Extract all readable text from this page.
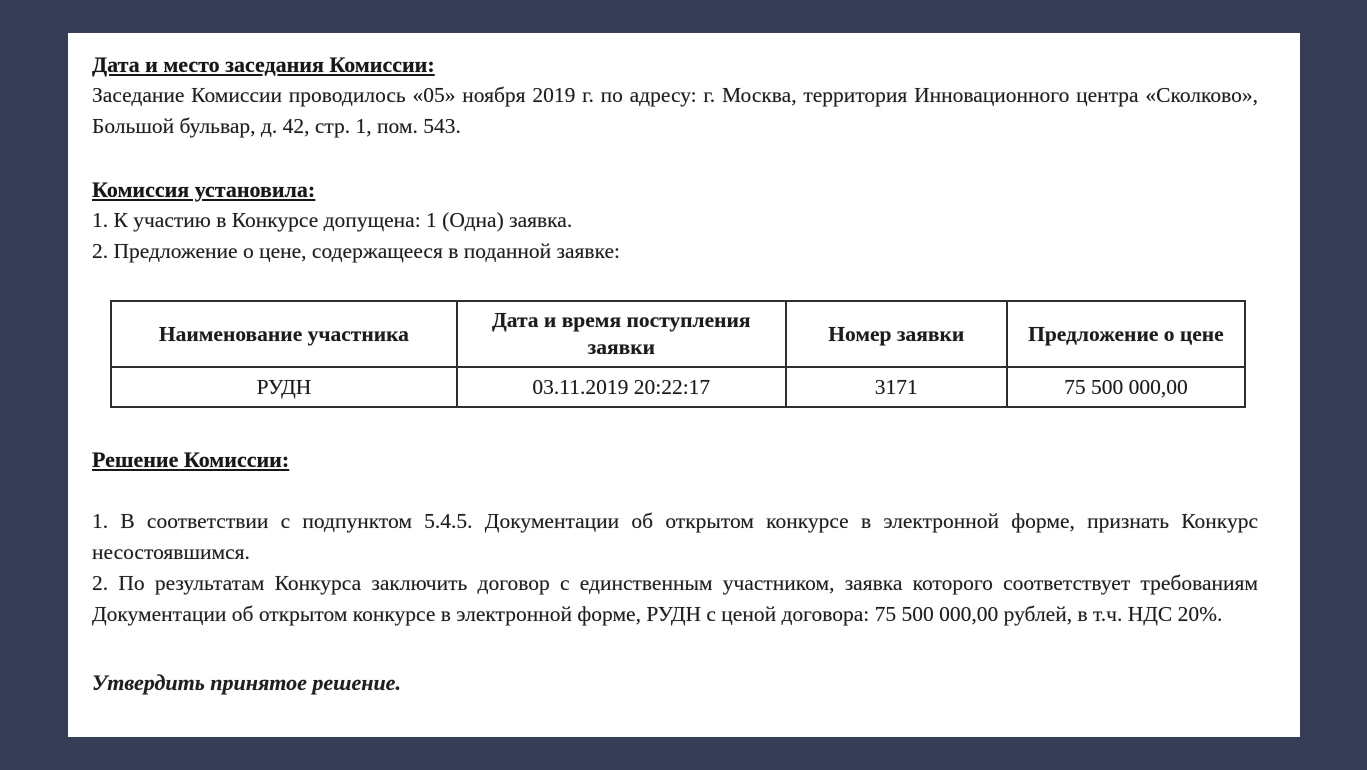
Дата и место заседания Комиссии:

Заседание Комиссии проводилось «05» ноября 2019 г. по адресу: г. Москва, территория Инновационного центра «Сколково», Большой бульвар, д. 42, стр. 1, пом. 543.

Комиссия установила:
1. К участию в Конкурсе допущена: 1 (Одна) заявка.
2. Предложение о цене, содержащееся в поданной заявке:
Наименование участника	Дата и время поступления заявки	Номер заявки	Предложение о цене
РУДН	03.11.2019 20:22:17	3171	75 500 000,00
Решение Комиссии:

1. В соответствии с подпунктом 5.4.5. Документации об открытом конкурсе в электронной форме, признать Конкурс несостоявшимся.

2. По результатам Конкурса заключить договор с единственным участником, заявка которого соответствует требованиям Документации об открытом конкурсе в электронной форме, РУДН с ценой договора: 75 500 000,00 рублей, в т.ч. НДС 20%.

Утвердить принятое решение.
